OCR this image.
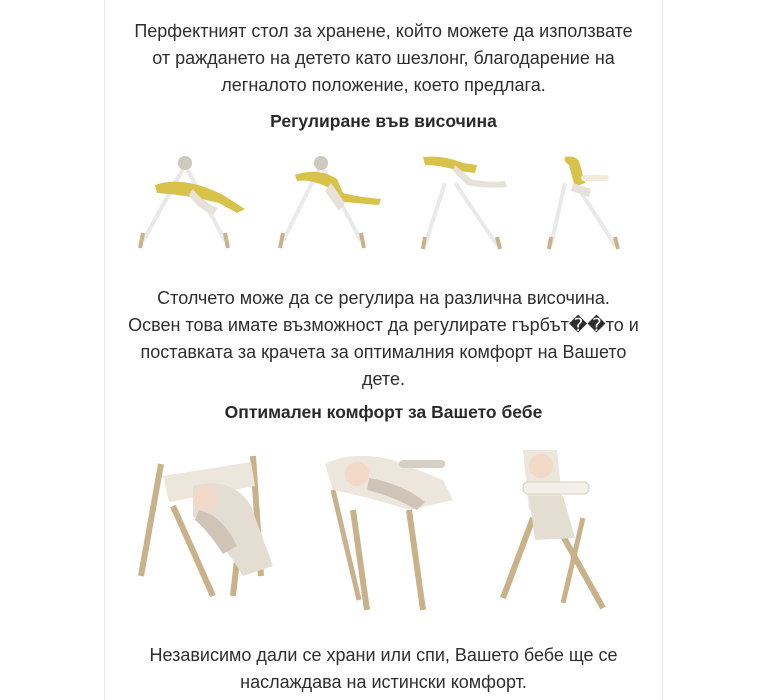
Перфектният стол за хранене, който можете да използвате
от раждането на детето като шезлонг, благодарение на
легналото положение, което предлага.
Регулиране във височина
Столчето може да се регулира на различна височина.
Освен това имате възможност да регулирате гърбът��то и
поставката за крачета за оптималния комфорт на Вашето
дете.
Оптимален комфорт за Вашето бебе
Независимо дали се храни или спи, Вашето бебе ще се
наслаждава на истински комфорт.
